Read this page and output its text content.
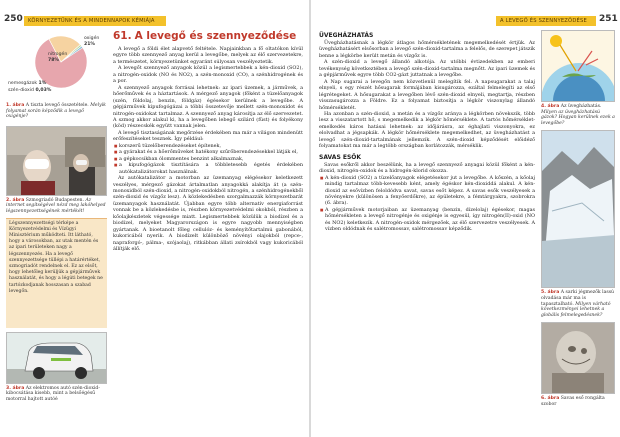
250 KÖRNYEZETÜNK ÉS A MINDENNAPOK KÉMIÁJA
nitrogén
78%
oxigén
21%
nemesgázok 1%
szén-dioxid 0,03%
1. ábra A tiszta levegő összetétele. Melyik folyamat során képződik a levegő oxigénje?
2. ábra Szmogriadó Budapesten. Az internet segítségével nézd meg lakóhelyed légszennyezettségének mértékét!
Légszennyezettségi térképe a Környezetvédelmi és Vízügyi Minisztérium működteti. Itt látható, hogy a városokban, az utak mentén és az ipari területeken nagy a légszennyezés. Ha a levegő szennyezettsége tüllépi a határértéket, szmogriadót rendelnek el. Ez az elsőt, hogy lehetőleg kerüljük a gépjárművek használatát, és hogy a légúti betegek ne tartózkodjanak hosszasan a szabad levegőn.
3. ábra Az elektromos autó szén-dioxid-kibocsátása kisebb, mint a belsőégésű motorral hajtott autóé
61. A levegő és szennyeződése

A levegő a földi élet alapvető feltétele. Napjainkban a fő oltatókon kívül egyre több szennyező anyag kerül a levegőbe, melyek az élő szervezetekre, a természetet, környezetünket egyaránt súlyosan veszélyeztetik.

A levegőt szennyező anyagok közül a legismertebbek a kén-dioxid (SO2), a nitrogén-oxidok (NO és NO2), a szén-monoxid (CO), a szénhidrogének és a por.

A szennyező anyagok forrásai lehetnek: az ipari üzemek, a járművek, a hőerőművek és a háztartások. A mérgező anyagok (főként a tüzelőanyagok (szén, földolaj, benzin, földgáz) égésekor kerülnek a levegőbe. A gépjárművek kipufogógázai a többi összetevője mellett szén-monoxidot és nitrogén-oxidokat tartalmaz. A szennyező anyag károsítja az élő szervezetet. A szmog akkor alakul ki, ha a levegőben lebegő szilárd (füst) és folyékony (köd) részecskék együtt vannak jelen.

A levegő tisztaságának megőrzése érdekében ma már a világon mindenütt erőfeszítéseket tesznek. Így például:

■ korszerű tüzelőberendezéseket építenek,
■ a gyárakat és a hőerőműveket hatékony szűrőberendezésekkel látják el,
■ a gépkocsikban ólommentes benzint alkalmaznak,
■ a kipufogógázok tisztítására a többletesebb égetés érdekében autókatalizátorokat használnak.

Az autókatalizátor a motorban az üzemanyag elégésekor keletkezett veszélyes, mérgező gázokat ártalmatlan anyagokká alakítja át (a szén-monoxidból szén-dioxid, a nitrogén-oxidokból nitrogén, a szénhidrogénekből szén-dioxid és vízgőz lesz). A közlekedésben szorgalmazzák környezetbarát üzemanyagok használatát. Újabban egyre több alternatív energiaforrást vonnak be a közlekedésbe is, részben környezetvédelmi okokból, részben a kőolajkészletek végessége miatt. Legismertebbek közülük a biodízel és a biodízel, melyeket Magyarországon is egyre nagyobb mennyiségben gyártanak. A bioetanolt főleg cellulóz- és keményítőtartalmú gabonából, kukoricából nyerik. A biodízelt különböző növényi olajokból (repce-, napraforgó-, pálma-, szójaolaj), ritkábban állati zsírokból vagy kukoricából állítják elő.

A LEVEGŐ ÉS SZENNYEZŐDÉSE 251
ÜVEGHÁZHATÁS

Üvegházhatásnak a légkör átlagos hőmérsékletének megemelkedését értjük. Az üvegházhatásért elsősorban a levegő szén-dioxid-tartalma a felelős, de szerepet játszik benne a légkörbe került metán és vízgőz is.

A szén-dioxid a levegő állandó alkotója. Az utóbbi évtizedekben az emberi tevékenység következtében a levegő szén-dioxid-tartalma megnőtt. Az ipari üzemek és a gépjárművek egyre több CO2-gázt juttatnak a levegőbe.

A Nap sugarai a levegőn nem közvetlenül melegítik fel. A napsugarakat a talaj elnyeli, s egy részét hősugarak formájában kisugározza, ezáltal felmelegíti az első légrétegeket. A hősugarakat a levegőben lévő szén-dioxid elnyeli, megtartja, részben visszasugározza a Földre. Ez a folyamat biztosítja a légkör viszonylag állandó hőmérsékletét.

Ha azonban a szén-dioxid, a metán és a vízgőz aránya a légkörben növekszik, több lesz a visszatartott hő, s megemelkedik a légkör hőmérséklete. A tartós hőmérséklet-emelkedés káros hatásai lehetnek: az időjárásra, az éghajlati viszonyokra, ez elolvadhat a jégsapkák. A légkör hőmérséklete megemelkedhet, az üvegházhatást a levegő szén-dioxid-tartalmának jellemzik. A szén-dioxid képződését előidéző folyamatokat ma már a legtöbb országban korlátozzák, mérséklik.

SAVAS ESŐK

Savas esőkről akkor beszélünk, ha a levegő szennyező anyagai közül főként a kén-dioxid, nitrogén-oxidok és a hidrogén-klorid okozza.

■ A kén-dioxid (SO2) a tüzelőanyagok elégetésekor jut a levegőbe. A kőszén, a kőolaj mindig tartalmaz több-kevesebb ként, amely égéskor kén-dioxiddá alakul. A kén-dioxid az esővízben feloldódva savat, savas esőt képez. A savas esők veszélyesek a növényekre (különösen a fenyőerdőkre), az épületekre, a fémtárgyakra, szobrokra (6. ábra).
■ A gépjárművek motorjaiban az üzemanyag (benzin, dízelolaj) égésekor, magas hőmérsékleten a levegő nitrogénje és oxigénje is egyesül, így nitrogén(II)-oxid (NO és NO2) keletkezik. A nitrogén-oxidok mérgezőek, az élő szervezetre veszélyesek. A vízben oldódnak és salétromossav, salétromossav képződik.
4. ábra Az üvegházhatás. Milyen az üvegházhatású gázok? Hogyan kerülnek ezek a levegőbe?
5. ábra A sarki jégmezők lassú olvadása már ma is tapasztalható. Milyen várható következményei lehetnek a globális felmelegedésnek?
6. ábra Savas eső rongálta szobor
